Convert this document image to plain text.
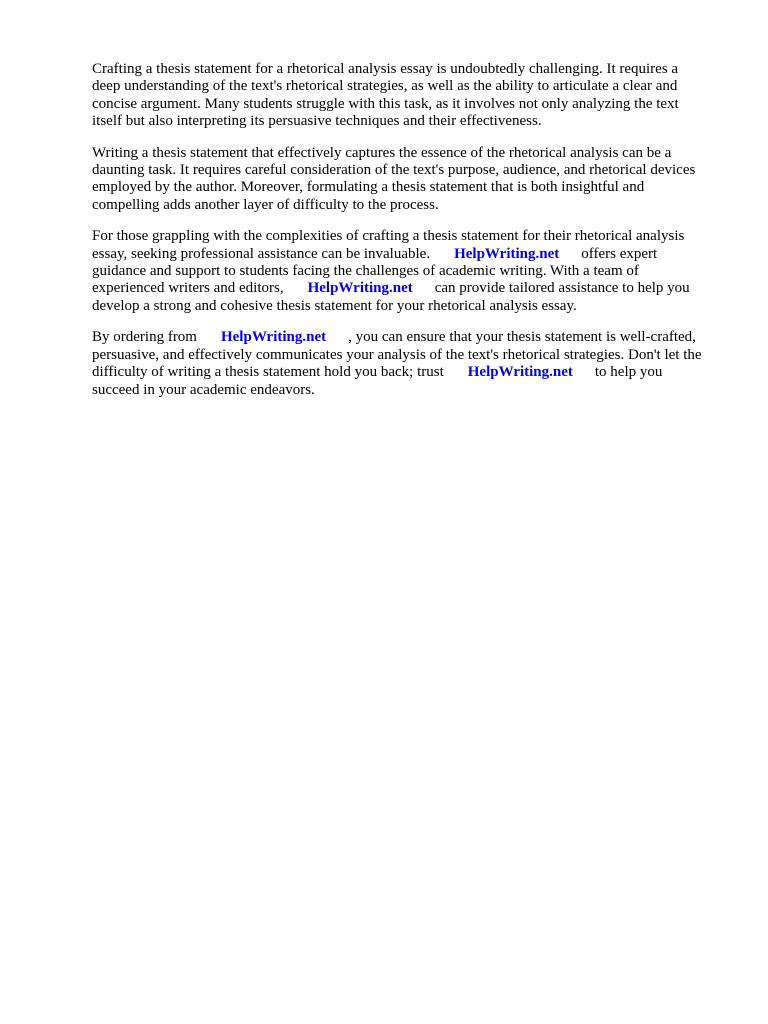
Crafting a thesis statement for a rhetorical analysis essay is undoubtedly challenging. It requires a
deep understanding of the text's rhetorical strategies, as well as the ability to articulate a clear and
concise argument. Many students struggle with this task, as it involves not only analyzing the text
itself but also interpreting its persuasive techniques and their effectiveness.
Writing a thesis statement that effectively captures the essence of the rhetorical analysis can be a
daunting task. It requires careful consideration of the text's purpose, audience, and rhetorical devices
employed by the author. Moreover, formulating a thesis statement that is both insightful and
compelling adds another layer of difficulty to the process.
For those grappling with the complexities of crafting a thesis statement for their rhetorical analysis
essay, seeking professional assistance can be invaluable. HelpWriting.net offers expert
guidance and support to students facing the challenges of academic writing. With a team of
experienced writers and editors, HelpWriting.net can provide tailored assistance to help you
develop a strong and cohesive thesis statement for your rhetorical analysis essay.
By ordering from HelpWriting.net , you can ensure that your thesis statement is well-crafted,
persuasive, and effectively communicates your analysis of the text's rhetorical strategies. Don't let the
difficulty of writing a thesis statement hold you back; trust HelpWriting.net to help you
succeed in your academic endeavors.
